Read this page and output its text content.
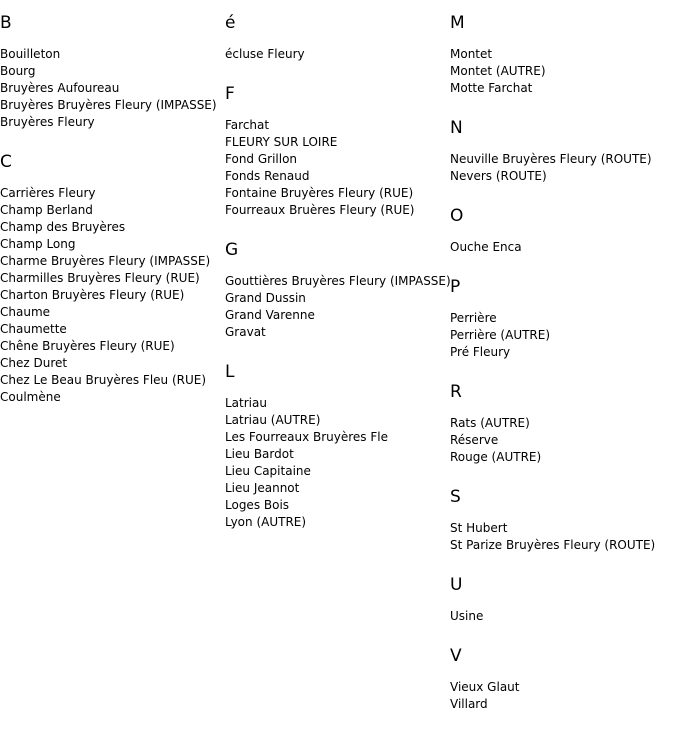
B
Bouilleton
Bourg
Bruyères Aufoureau
Bruyères Bruyères Fleury (IMPASSE)
Bruyères Fleury
C
Carrières Fleury
Champ Berland
Champ des Bruyères
Champ Long
Charme Bruyères Fleury (IMPASSE)
Charmilles Bruyères Fleury (RUE)
Charton Bruyères Fleury (RUE)
Chaume
Chaumette
Chêne Bruyères Fleury (RUE)
Chez Duret
Chez Le Beau Bruyères Fleu (RUE)
Coulmène
é
écluse Fleury
F
Farchat
FLEURY SUR LOIRE
Fond Grillon
Fonds Renaud
Fontaine Bruyères Fleury (RUE)
Fourreaux Bruères Fleury (RUE)
G
Gouttières Bruyères Fleury (IMPASSE)
Grand Dussin
Grand Varenne
Gravat
L
Latriau
Latriau (AUTRE)
Les Fourreaux Bruyères Fle
Lieu Bardot
Lieu Capitaine
Lieu Jeannot
Loges Bois
Lyon (AUTRE)
M
Montet
Montet (AUTRE)
Motte Farchat
N
Neuville Bruyères Fleury (ROUTE)
Nevers (ROUTE)
O
Ouche Enca
P
Perrière
Perrière (AUTRE)
Pré Fleury
R
Rats (AUTRE)
Réserve
Rouge (AUTRE)
S
St Hubert
St Parize Bruyères Fleury (ROUTE)
U
Usine
V
Vieux Glaut
Villard
